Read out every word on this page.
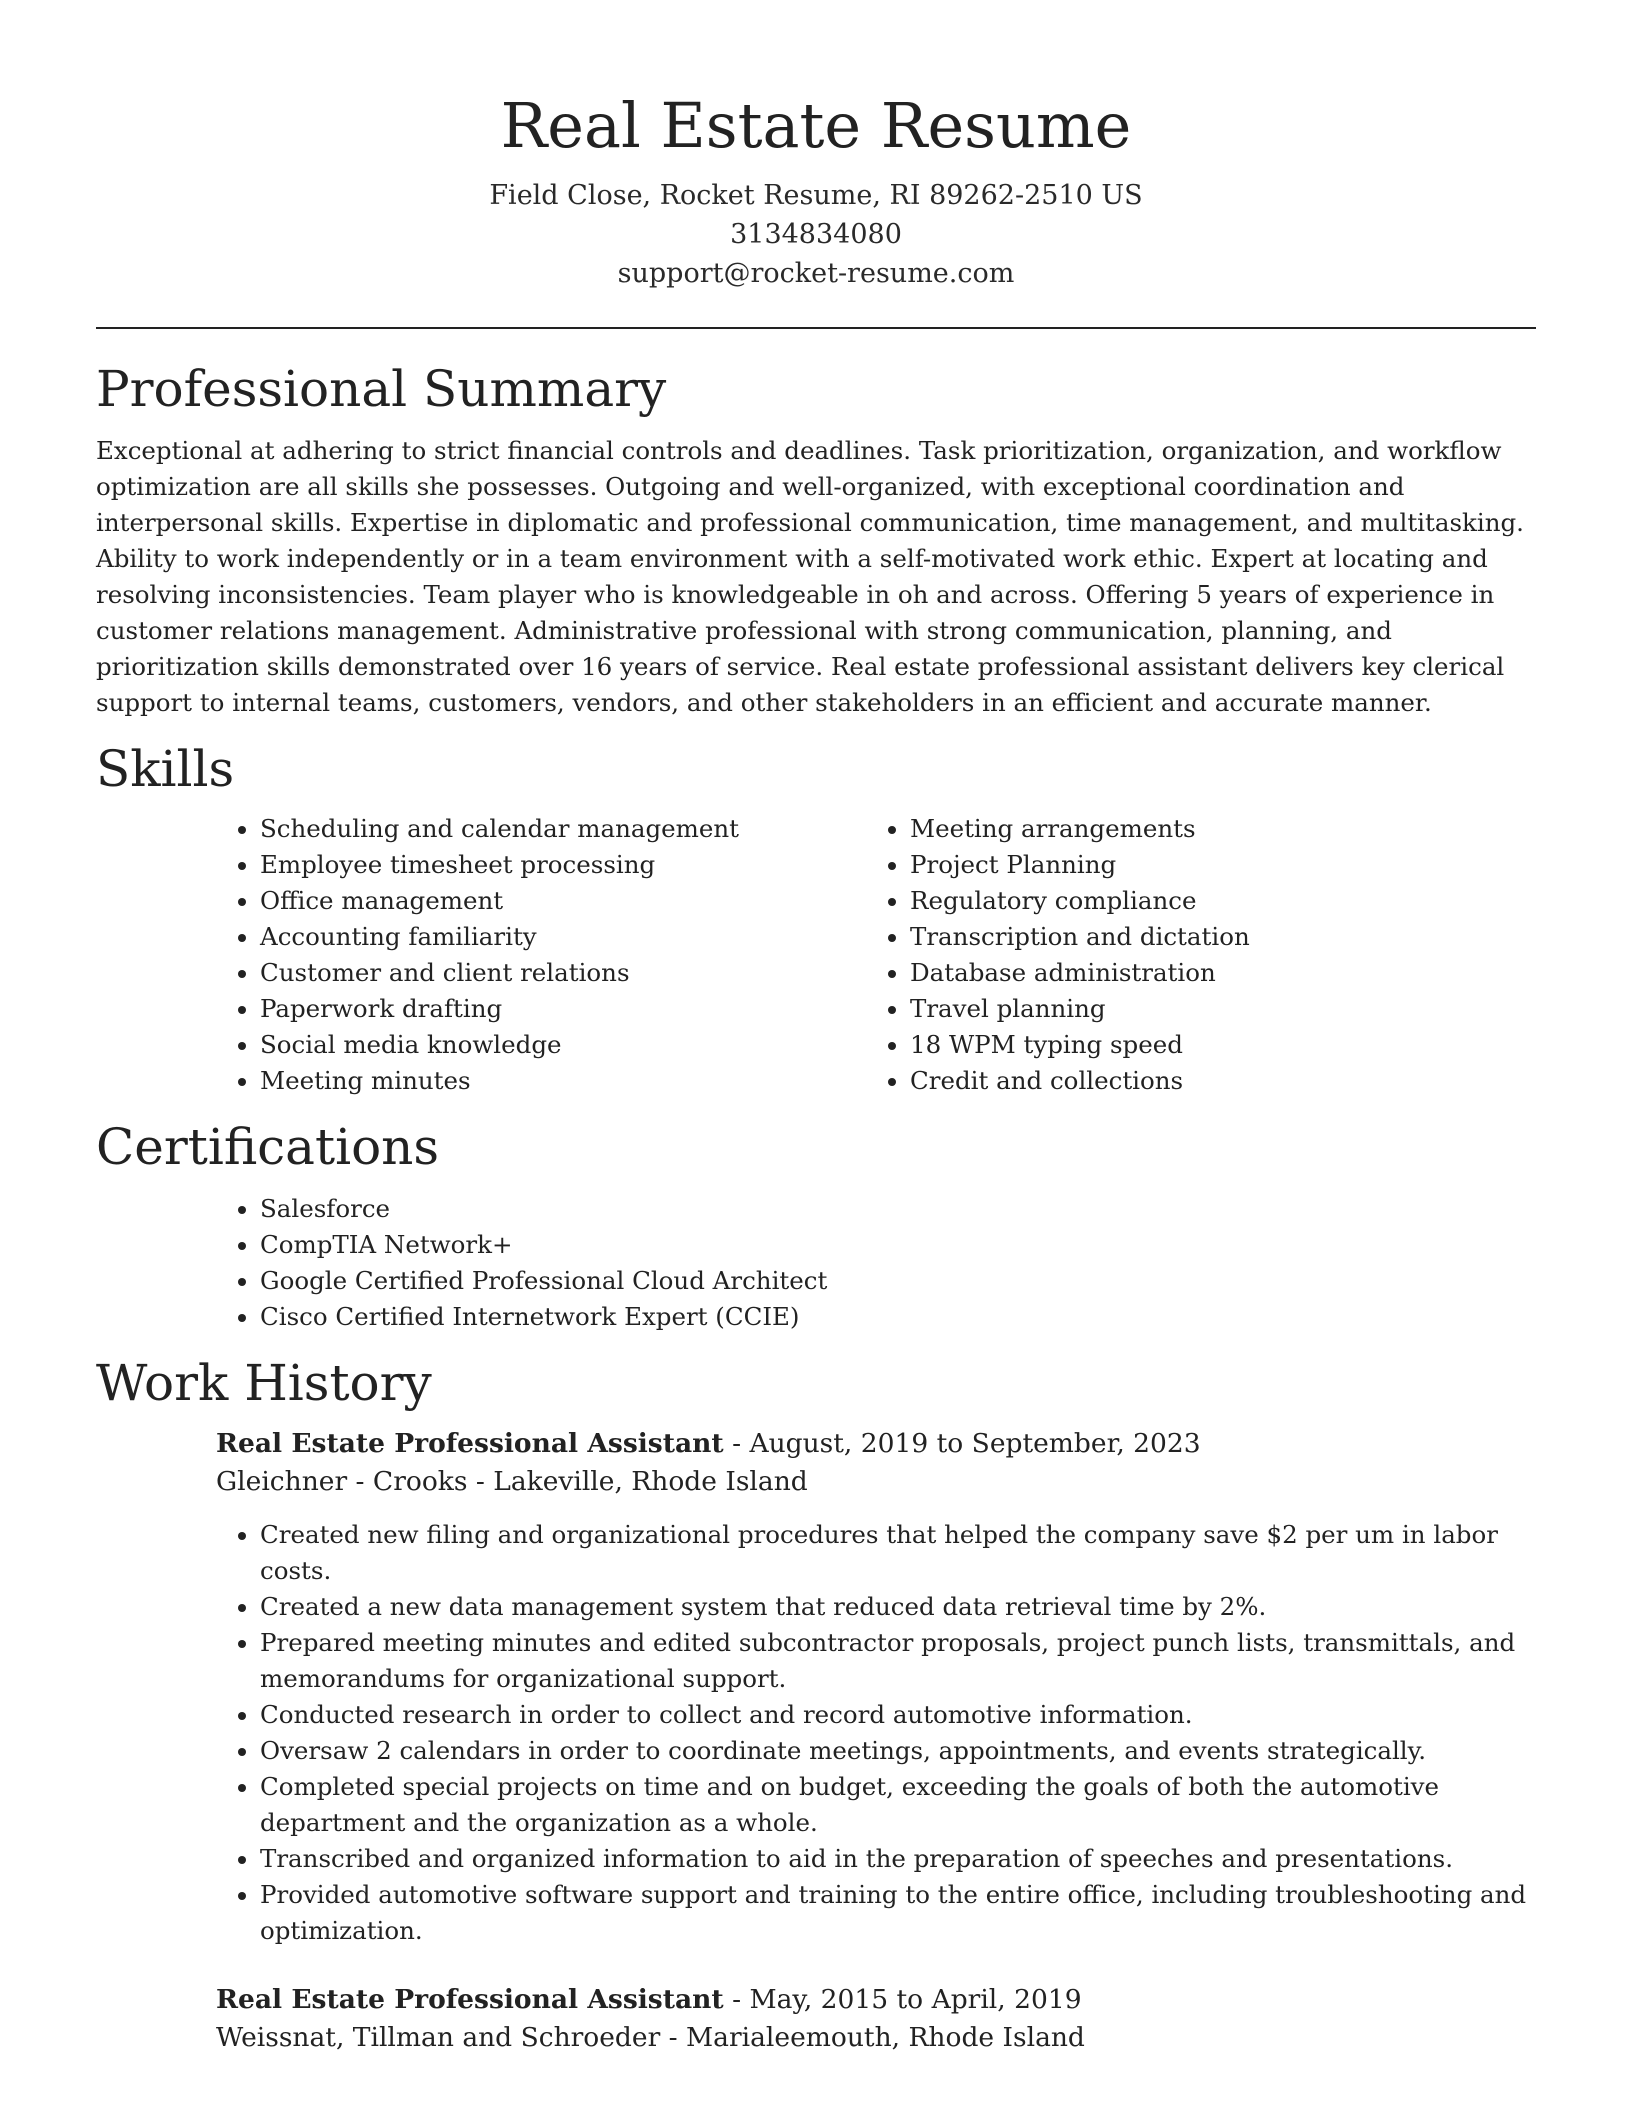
Real Estate Resume
Field Close, Rocket Resume, RI 89262-2510 US
3134834080
support@rocket-resume.com
Professional Summary

Exceptional at adhering to strict financial controls and deadlines. Task prioritization, organization, and workflow optimization are all skills she possesses. Outgoing and well-organized, with exceptional coordination and interpersonal skills. Expertise in diplomatic and professional communication, time management, and multitasking. Ability to work independently or in a team environment with a self-motivated work ethic. Expert at locating and resolving inconsistencies. Team player who is knowledgeable in oh and across. Offering 5 years of experience in customer relations management. Administrative professional with strong communication, planning, and prioritization skills demonstrated over 16 years of service. Real estate professional assistant delivers key clerical support to internal teams, customers, vendors, and other stakeholders in an efficient and accurate manner.

Skills
• Scheduling and calendar management
• Employee timesheet processing
• Office management
• Accounting familiarity
• Customer and client relations
• Paperwork drafting
• Social media knowledge
• Meeting minutes
• Meeting arrangements
• Project Planning
• Regulatory compliance
• Transcription and dictation
• Database administration
• Travel planning
• 18 WPM typing speed
• Credit and collections
Certifications
• Salesforce
• CompTIA Network+
• Google Certified Professional Cloud Architect
• Cisco Certified Internetwork Expert (CCIE)
Work History
Real Estate Professional Assistant - August, 2019 to September, 2023
Gleichner - Crooks - Lakeville, Rhode Island
• Created new filing and organizational procedures that helped the company save $2 per um in labor costs.
• Created a new data management system that reduced data retrieval time by 2%.
• Prepared meeting minutes and edited subcontractor proposals, project punch lists, transmittals, and memorandums for organizational support.
• Conducted research in order to collect and record automotive information.
• Oversaw 2 calendars in order to coordinate meetings, appointments, and events strategically.
• Completed special projects on time and on budget, exceeding the goals of both the automotive department and the organization as a whole.
• Transcribed and organized information to aid in the preparation of speeches and presentations.
• Provided automotive software support and training to the entire office, including troubleshooting and optimization.
Real Estate Professional Assistant - May, 2015 to April, 2019
Weissnat, Tillman and Schroeder - Marialeemouth, Rhode Island
